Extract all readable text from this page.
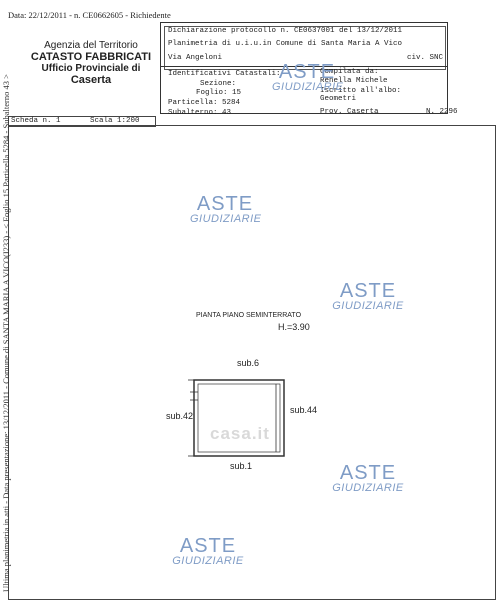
Data: 22/12/2011 - n. CE0662605 - Richiedente
Agenzia del Territorio
CATASTO FABBRICATI
Ufficio Provinciale di
Caserta
Dichiarazione protocollo n. CE0637001 del 13/12/2011
Planimetria di u.i.u.in Comune di Santa Maria A Vico
Via Angeloni	civ. SNC
Identificativi Catastali:
Sezione:
Foglio: 15
Particella: 5284
Subalterno: 43
Compilata da:
Renella Michele
Iscritto all'albo:
Geometri
Prov. Caserta	N. 2296
ASTE
GIUDIZIARIE
Scheda n. 1	Scala 1:200
ASTE
GIUDIZIARIE
ASTE
GIUDIZIARIE
ASTE
GIUDIZIARIE
ASTE
GIUDIZIARIE
PIANTA PIANO SEMINTERRATO
H.=3.90
sub.6
sub.42
sub.44
sub.1
casa.it
Ultima planimetria in atti - Data presentazione: 13/12/2011 - Comune di SANTA MARIA A VICO(I233) - < Foglio 15 Particella 5284 - Subalterno 43 >
